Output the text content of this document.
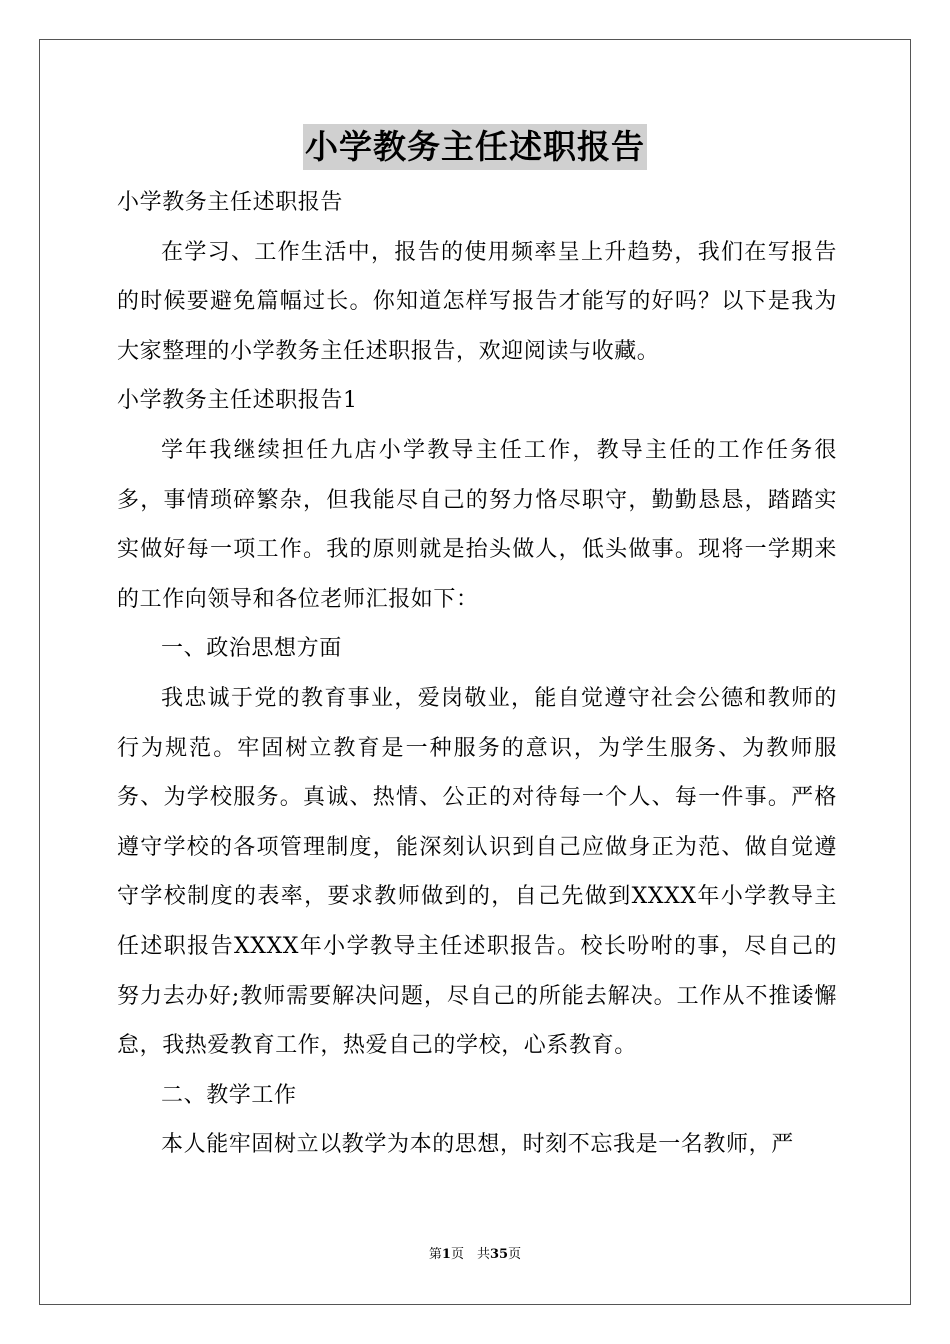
小学教务主任述职报告

小学教务主任述职报告

在学习、工作生活中，报告的使用频率呈上升趋势，我们在写报告的时候要避免篇幅过长。你知道怎样写报告才能写的好吗？以下是我为大家整理的小学教务主任述职报告，欢迎阅读与收藏。

小学教务主任述职报告1

学年我继续担任九店小学教导主任工作，教导主任的工作任务很多，事情琐碎繁杂，但我能尽自己的努力恪尽职守，勤勤恳恳，踏踏实实做好每一项工作。我的原则就是抬头做人，低头做事。现将一学期来的工作向领导和各位老师汇报如下：

一、政治思想方面

我忠诚于党的教育事业，爱岗敬业，能自觉遵守社会公德和教师的行为规范。牢固树立教育是一种服务的意识，为学生服务、为教师服务、为学校服务。真诚、热情、公正的对待每一个人、每一件事。严格遵守学校的各项管理制度，能深刻认识到自己应做身正为范、做自觉遵守学校制度的表率，要求教师做到的，自己先做到XXXX年小学教导主任述职报告XXXX年小学教导主任述职报告。校长吩咐的事，尽自己的努力去办好;教师需要解决问题，尽自己的所能去解决。工作从不推诿懈怠，我热爱教育工作，热爱自己的学校，心系教育。

二、教学工作

本人能牢固树立以教学为本的思想，时刻不忘我是一名教师，严

第1页　共35页
